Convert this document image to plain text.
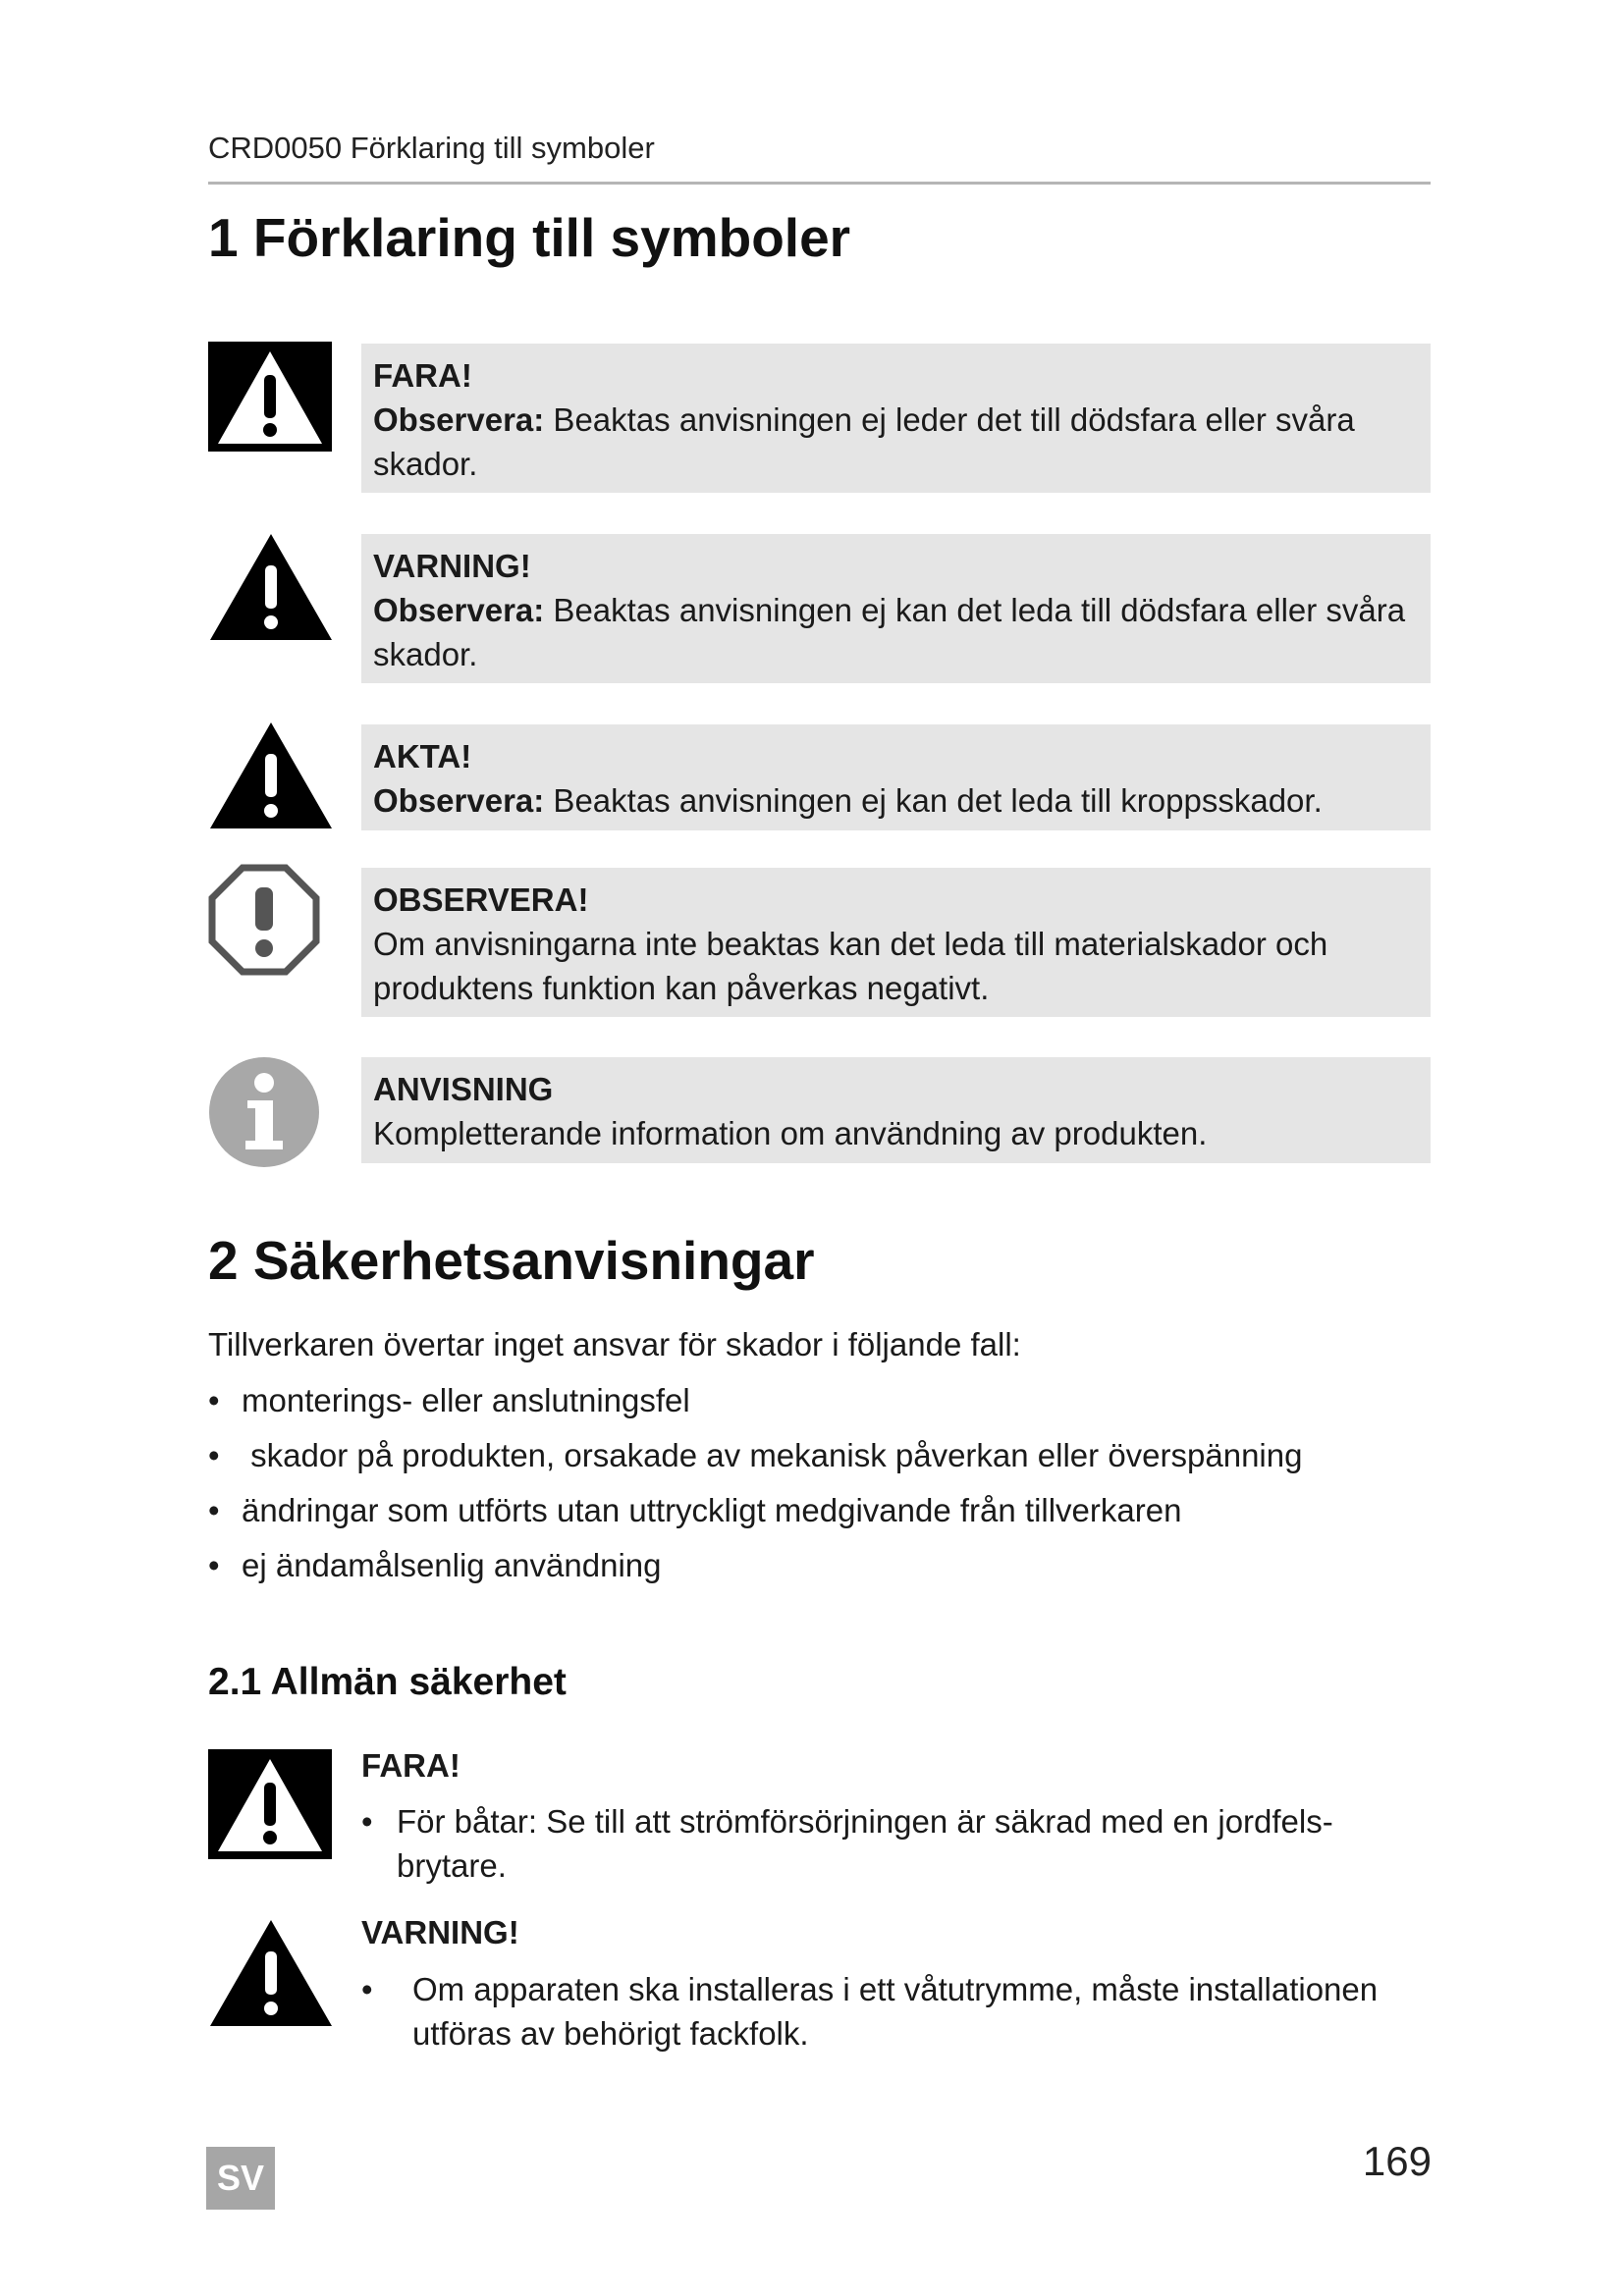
CRD0050 Förklaring till symboler
1 Förklaring till symboler
FARA!
Observera: Beaktas anvisningen ej leder det till dödsfara eller svåra skador.
VARNING!
Observera: Beaktas anvisningen ej kan det leda till dödsfara eller svåra skador.
AKTA!
Observera: Beaktas anvisningen ej kan det leda till kroppsskador.
OBSERVERA!
Om anvisningarna inte beaktas kan det leda till materialskador och produktens funktion kan påverkas negativt.
ANVISNING
Kompletterande information om användning av produkten.
2 Säkerhetsanvisningar
Tillverkaren övertar inget ansvar för skador i följande fall:
• monterings- eller anslutningsfel
• skador på produkten, orsakade av mekanisk påverkan eller överspänning
• ändringar som utförts utan uttryckligt medgivande från tillverkaren
• ej ändamålsenlig användning
2.1 Allmän säkerhet
FARA!
• För båtar: Se till att strömförsörjningen är säkrad med en jordfels-brytare.
VARNING!
•	Om apparaten ska installeras i ett våtutrymme, måste installationen utföras av behörigt fackfolk.
SV	169
